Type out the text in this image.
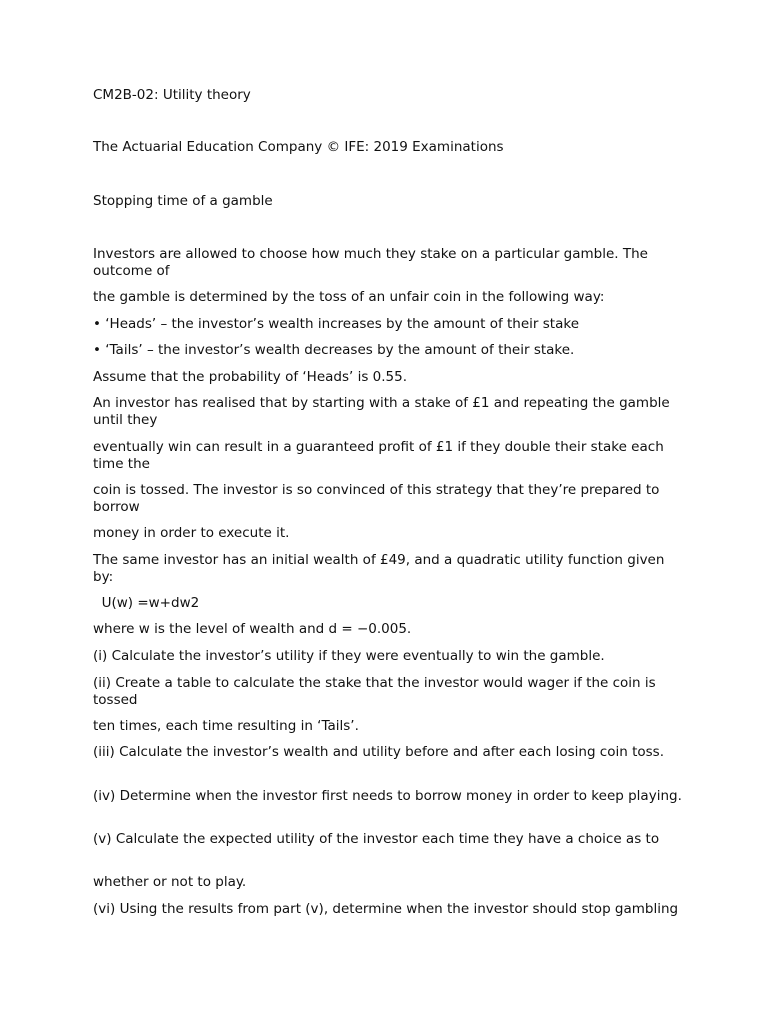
CM2B-02: Utility theory

The Actuarial Education Company © IFE: 2019 Examinations

Stopping time of a gamble

Investors are allowed to choose how much they stake on a particular gamble. The outcome of

the gamble is determined by the toss of an unfair coin in the following way:

• ‘Heads’ – the investor’s wealth increases by the amount of their stake

• ‘Tails’ – the investor’s wealth decreases by the amount of their stake.

Assume that the probability of ‘Heads’ is 0.55.

An investor has realised that by starting with a stake of £1 and repeating the gamble until they

eventually win can result in a guaranteed profit of £1 if they double their stake each time the

coin is tossed. The investor is so convinced of this strategy that they’re prepared to borrow

money in order to execute it.

The same investor has an initial wealth of £49, and a quadratic utility function given by:

U(w) =w+dw2

where w is the level of wealth and d = −0.005.

(i) Calculate the investor’s utility if they were eventually to win the gamble.

(ii) Create a table to calculate the stake that the investor would wager if the coin is tossed

ten times, each time resulting in ‘Tails’.

(iii) Calculate the investor’s wealth and utility before and after each losing coin toss.

(iv) Determine when the investor first needs to borrow money in order to keep playing.

(v) Calculate the expected utility of the investor each time they have a choice as to

whether or not to play.

(vi) Using the results from part (v), determine when the investor should stop gambling
